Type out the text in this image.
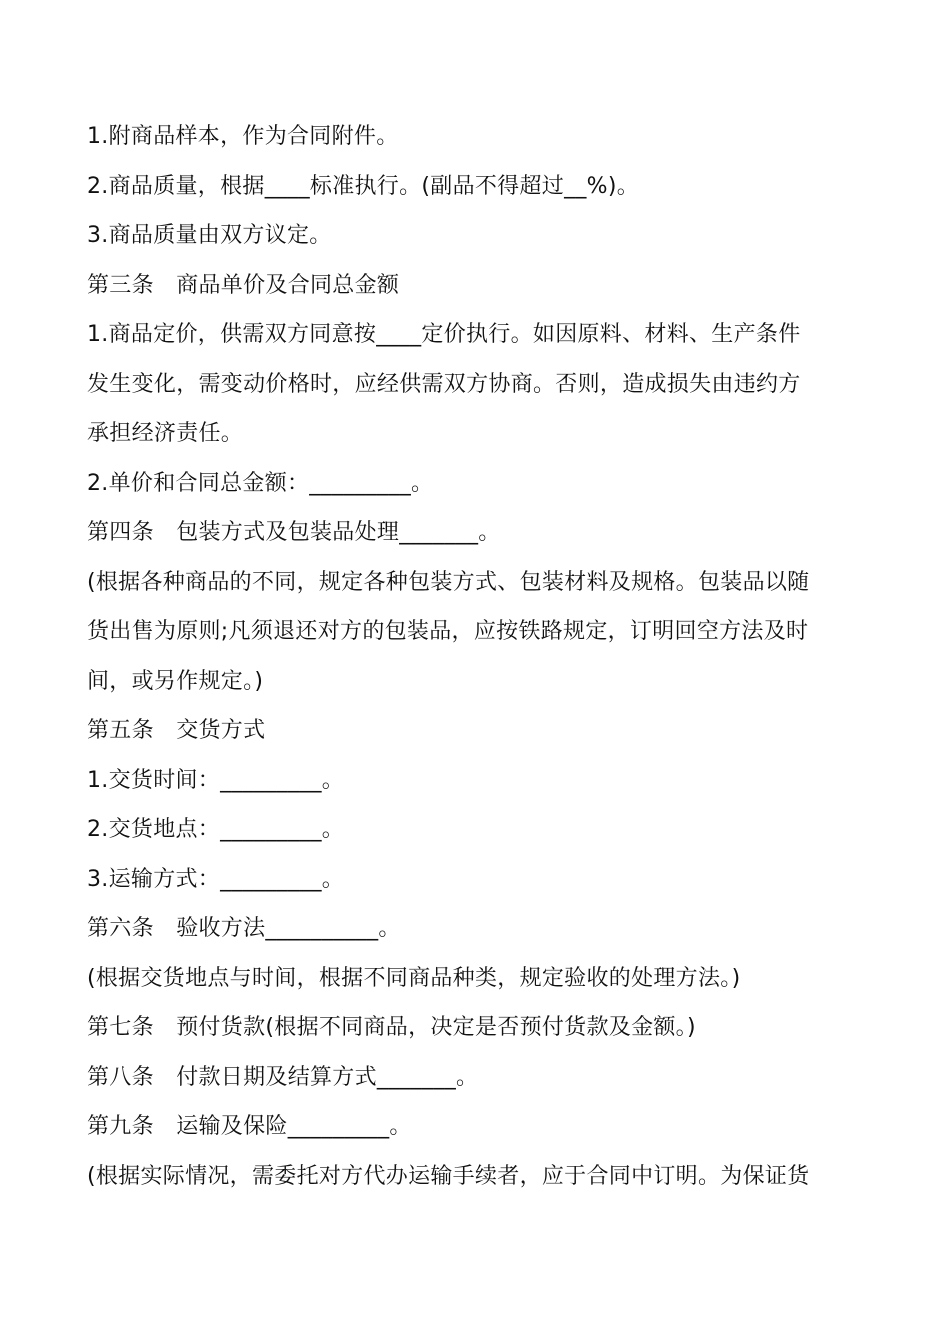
1.附商品样本，作为合同附件。
2.商品质量，根据____标准执行。(副品不得超过__%)。
3.商品质量由双方议定。
第三条　商品单价及合同总金额
1.商品定价，供需双方同意按____定价执行。如因原料、材料、生产条件
发生变化，需变动价格时，应经供需双方协商。否则，造成损失由违约方
承担经济责任。
2.单价和合同总金额：_________。
第四条　包装方式及包装品处理_______。
(根据各种商品的不同，规定各种包装方式、包装材料及规格。包装品以随
货出售为原则;凡须退还对方的包装品，应按铁路规定，订明回空方法及时
间，或另作规定。)
第五条　交货方式
1.交货时间：_________。
2.交货地点：_________。
3.运输方式：_________。
第六条　验收方法__________。
(根据交货地点与时间，根据不同商品种类，规定验收的处理方法。)
第七条　预付货款(根据不同商品，决定是否预付货款及金额。)
第八条　付款日期及结算方式_______。
第九条　运输及保险_________。
(根据实际情况，需委托对方代办运输手续者，应于合同中订明。为保证货
